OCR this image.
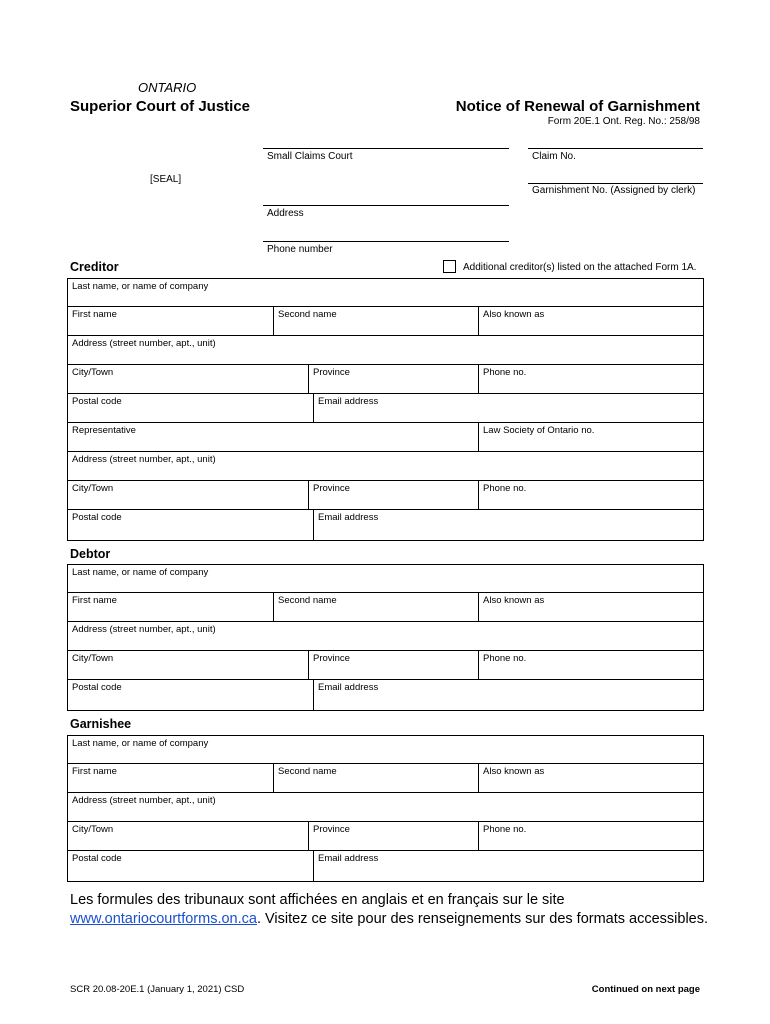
ONTARIO
Superior Court of Justice	Notice of Renewal of Garnishment
Form 20E.1 Ont. Reg. No.: 258/98
Small Claims Court	Claim No.
[SEAL]
Garnishment No. (Assigned by clerk)
Address
Phone number
Creditor	Additional creditor(s) listed on the attached Form 1A.
Last name, or name of company
First name	Second name	Also known as
Address (street number, apt., unit)
City/Town	Province	Phone no.
Postal code	Email address
Representative	Law Society of Ontario no.
Address (street number, apt., unit)
City/Town	Province	Phone no.
Postal code	Email address
Debtor
Last name, or name of company
First name	Second name	Also known as
Address (street number, apt., unit)
City/Town	Province	Phone no.
Postal code	Email address
Garnishee
Last name, or name of company
First name	Second name	Also known as
Address (street number, apt., unit)
City/Town	Province	Phone no.
Postal code	Email address
Les formules des tribunaux sont affichées en anglais et en français sur le site
www.ontariocourtforms.on.ca. Visitez ce site pour des renseignements sur des formats accessibles.
SCR 20.08-20E.1 (January 1, 2021) CSD	Continued on next page
